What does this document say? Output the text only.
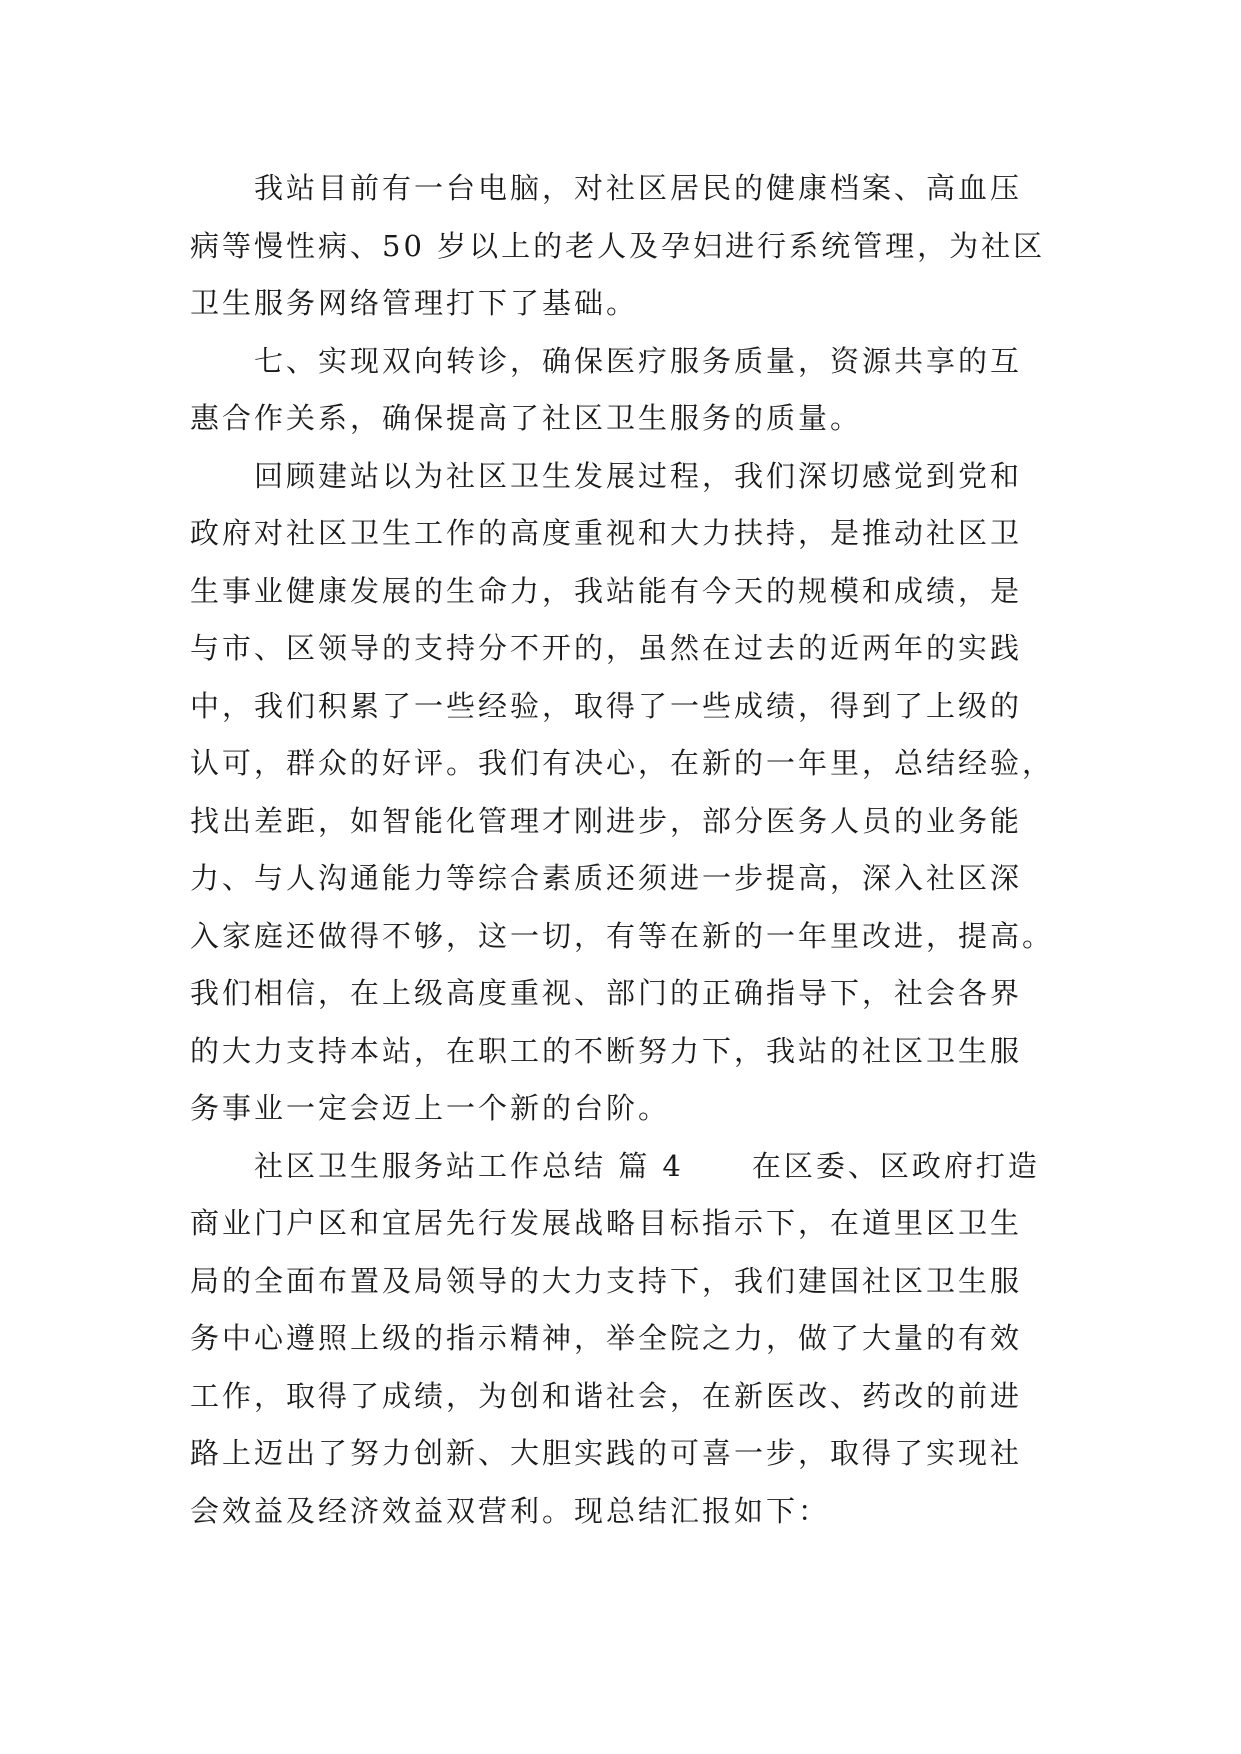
我站目前有一台电脑，对社区居民的健康档案、高血压
病等慢性病、50 岁以上的老人及孕妇进行系统管理，为社区
卫生服务网络管理打下了基础。

七、实现双向转诊，确保医疗服务质量，资源共享的互
惠合作关系，确保提高了社区卫生服务的质量。

回顾建站以为社区卫生发展过程，我们深切感觉到党和
政府对社区卫生工作的高度重视和大力扶持，是推动社区卫
生事业健康发展的生命力，我站能有今天的规模和成绩，是
与市、区领导的支持分不开的，虽然在过去的近两年的实践
中，我们积累了一些经验，取得了一些成绩，得到了上级的
认可，群众的好评。我们有决心，在新的一年里，总结经验，
找出差距，如智能化管理才刚进步，部分医务人员的业务能
力、与人沟通能力等综合素质还须进一步提高，深入社区深
入家庭还做得不够，这一切，有等在新的一年里改进，提高。
我们相信，在上级高度重视、部门的正确指导下，社会各界
的大力支持本站，在职工的不断努力下，我站的社区卫生服
务事业一定会迈上一个新的台阶。

社区卫生服务站工作总结 篇 4 在区委、区政府打造
商业门户区和宜居先行发展战略目标指示下，在道里区卫生
局的全面布置及局领导的大力支持下，我们建国社区卫生服
务中心遵照上级的指示精神，举全院之力，做了大量的有效
工作，取得了成绩，为创和谐社会，在新医改、药改的前进
路上迈出了努力创新、大胆实践的可喜一步，取得了实现社
会效益及经济效益双营利。现总结汇报如下：
